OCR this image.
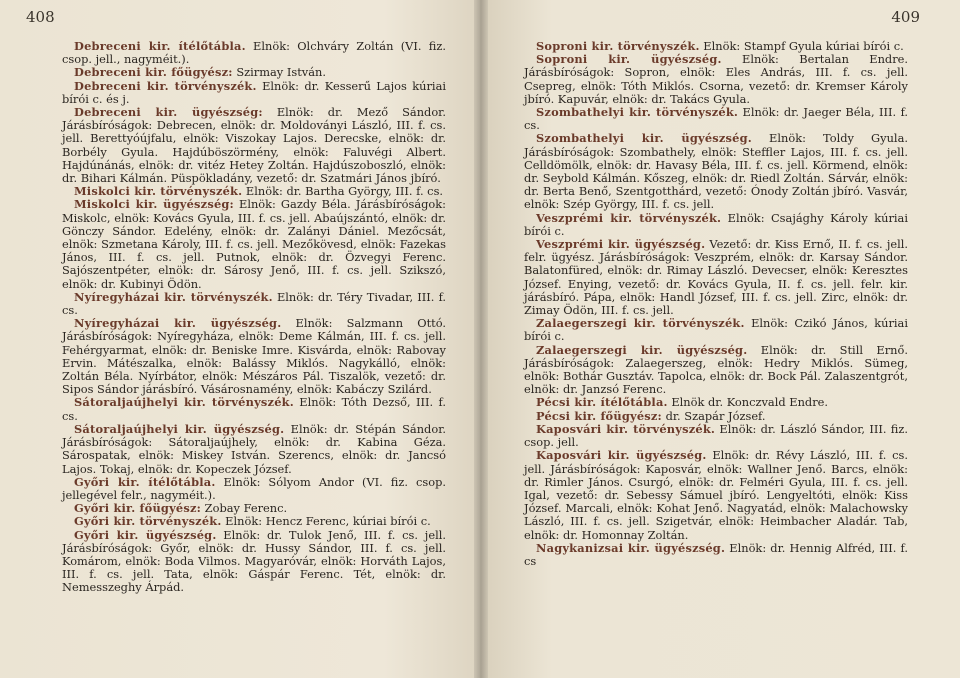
408

Debreceni kir. ítélőtábla. Elnök: Olchváry Zoltán (VI. fiz. csop. jell., nagyméit.).

Debreceni kir. főügyész: Szirmay István.

Debreceni kir. törvényszék. Elnök: dr. Kesserű Lajos kúriai bírói c. és j.

Debreceni kir. ügyészség: Elnök: dr. Mező Sándor. Járásbíróságok: Debrecen, elnök: dr. Moldoványi László, III. f. cs. jell. Berettyóújfalu, elnök: Viszokay Lajos. Derecske, elnök: dr. Borbély Gyula. Hajdúböszörmény, elnök: Faluvégi Albert. Hajdúnánás, elnök: dr. vitéz Hetey Zoltán. Hajdúszoboszló, elnök: dr. Bihari Kálmán. Püspökladány, vezető: dr. Szatmári János jbíró.

Miskolci kir. törvényszék. Elnök: dr. Bartha György, III. f. cs.

Miskolci kir. ügyészség: Elnök: Gazdy Béla. Járásbíróságok: Miskolc, elnök: Kovács Gyula, III. f. cs. jell. Abaújszántó, elnök: dr. Gönczy Sándor. Edelény, elnök: dr. Zalányi Dániel. Mezőcsát, elnök: Szmetana Károly, III. f. cs. jell. Mezőkövesd, elnök: Fazekas János, III. f. cs. jell. Putnok, elnök: dr. Özvegyi Ferenc. Sajószentpéter, elnök: dr. Sárosy Jenő, III. f. cs. jell. Szikszó, elnök: dr. Kubinyi Ödön.

Nyíregyházai kir. törvényszék. Elnök: dr. Téry Tivadar, III. f. cs.

Nyíregyházai kir. ügyészség. Elnök: Salzmann Ottó. Járásbíróságok: Nyíregyháza, elnök: Deme Kálmán, III. f. cs. jell. Fehérgyarmat, elnök: dr. Beniske Imre. Kisvárda, elnök: Rabovay Ervin. Mátészalka, elnök: Balássy Miklós. Nagykálló, elnök: Zoltán Béla. Nyírbátor, elnök: Mészáros Pál. Tiszalök, vezető: dr. Sipos Sándor járásbíró. Vásárosnamény, elnök: Kabáczy Szilárd.

Sátoraljaújhelyi kir. törvényszék. Elnök: Tóth Dezső, III. f. cs.

Sátoraljaújhelyi kir. ügyészség. Elnök: dr. Stépán Sándor. Járásbíróságok: Sátoraljaújhely, elnök: dr. Kabina Géza. Sárospatak, elnök: Miskey István. Szerencs, elnök: dr. Jancsó Lajos. Tokaj, elnök: dr. Kopeczek József.

Győri kir. ítélőtábla. Elnök: Sólyom Andor (VI. fiz. csop. jellegével felr., nagyméit.).

Győri kir. főügyész: Zobay Ferenc.

Győri kir. törvényszék. Elnök: Hencz Ferenc, kúriai bírói c.

Győri kir. ügyészség. Elnök: dr. Tulok Jenő, III. f. cs. jell. Járásbíróságok: Győr, elnök: dr. Hussy Sándor, III. f. cs. jell. Komárom, elnök: Boda Vilmos. Magyaróvár, elnök: Horváth Lajos, III. f. cs. jell. Tata, elnök: Gáspár Ferenc. Tét, elnök: dr. Nemesszeghy Árpád.

409

Soproni kir. törvényszék. Elnök: Stampf Gyula kúriai bírói c.

Soproni kir. ügyészség. Elnök: Bertalan Endre. Járásbíróságok: Sopron, elnök: Eles András, III. f. cs. jell. Csepreg, elnök: Tóth Miklós. Csorna, vezető: dr. Kremser Károly jbíró. Kapuvár, elnök: dr. Takács Gyula.

Szombathelyi kir. törvényszék. Elnök: dr. Jaeger Béla, III. f. cs.

Szombathelyi kir. ügyészség. Elnök: Toldy Gyula. Járásbíróságok: Szombathely, elnök: Steffler Lajos, III. f. cs. jell. Celldömölk, elnök: dr. Havasy Béla, III. f. cs. jell. Körmend, elnök: dr. Seybold Kálmán. Kőszeg, elnök: dr. Riedl Zoltán. Sárvár, elnök: dr. Berta Benő, Szentgotthárd, vezető: Ónody Zoltán jbíró. Vasvár, elnök: Szép György, III. f. cs. jell.

Veszprémi kir. törvényszék. Elnök: Csajághy Károly kúriai bírói c.

Veszprémi kir. ügyészség. Vezető: dr. Kiss Ernő, II. f. cs. jell. felr. ügyész. Járásbíróságok: Veszprém, elnök: dr. Karsay Sándor. Balatonfüred, elnök: dr. Rimay László. Devecser, elnök: Keresztes József. Enying, vezető: dr. Kovács Gyula, II. f. cs. jell. felr. kir. járásbíró. Pápa, elnök: Handl József, III. f. cs. jell. Zirc, elnök: dr. Zimay Ödön, III. f. cs. jell.

Zalaegerszegi kir. törvényszék. Elnök: Czikó János, kúriai bírói c.

Zalaegerszegi kir. ügyészség. Elnök: dr. Still Ernő. Járásbíróságok: Zalaegerszeg, elnök: Hedry Miklós. Sümeg, elnök: Bothár Gusztáv. Tapolca, elnök: dr. Bock Pál. Zalaszentgrót, elnök: dr. Janzsó Ferenc.

Pécsi kir. ítélőtábla. Elnök dr. Konczvald Endre.

Pécsi kir. főügyész: dr. Szapár József.

Kaposvári kir. törvényszék. Elnök: dr. László Sándor, III. fiz. csop. jell.

Kaposvári kir. ügyészség. Elnök: dr. Révy László, III. f. cs. jell. Járásbíróságok: Kaposvár, elnök: Wallner Jenő. Barcs, elnök: dr. Rimler János. Csurgó, elnök: dr. Felméri Gyula, III. f. cs. jell. Igal, vezető: dr. Sebessy Sámuel jbíró. Lengyeltóti, elnök: Kiss József. Marcali, elnök: Kohat Jenő. Nagyatád, elnök: Malachowsky László, III. f. cs. jell. Szigetvár, elnök: Heimbacher Aladár. Tab, elnök: dr. Homonnay Zoltán.

Nagykanizsai kir. ügyészség. Elnök: dr. Hennig Alfréd, III. f. cs
